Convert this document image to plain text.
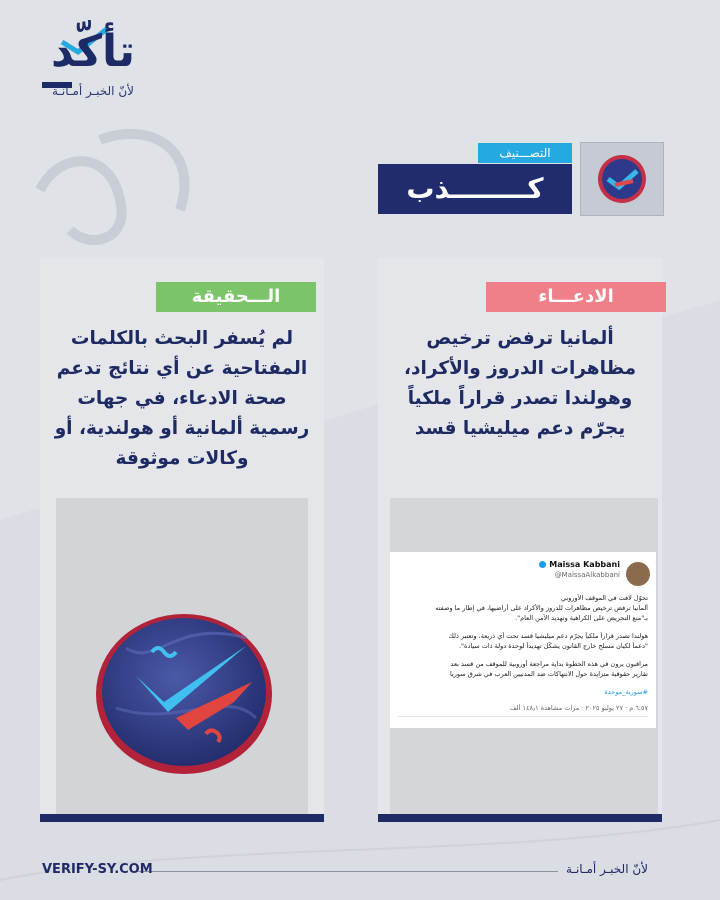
تأكّد
لأنّ الخبـر أمـانـة
التصـــنيف
كــــــــذب
الـــحقيقة
لم يُسفر البحث بالكلمات المفتاحية عن أي نتائج تدعم صحة الادعاء، في جهات رسمية ألمانية أو هولندية، أو وكالات موثوقة
الادعـــاء
ألمانيا ترفض ترخيص مظاهرات الدروز والأكراد، وهولندا تصدر قراراً ملكياً يجرّم دعم ميليشيا قسد
Maissa Kabbani
@MaissaAlkabbani
تحوّل لافت في الموقف الأوروبي
ألمانيا ترفض ترخيص مظاهرات للدروز والأكراد على أراضيها، في إطار ما وصفته
بـ"منع التحريض على الكراهية وتهديد الأمن العام".
هولندا تصدر قراراً ملكياً يجرّم دعم ميليشيا قسد تحت أي ذريعة، وتعتبر ذلك
"دعماً لكيان مسلح خارج القانون يشكّل تهديداً لوحدة دولة ذات سيادة".
مراقبون يرون في هذه الخطوة بداية مراجعة أوروبية للموقف من قسد بعد
تقارير حقوقية متزايدة حول الانتهاكات ضد المدنيين العرب في شرق سوريا
#سورية_موحدة
٦:٥٧ م · ٢٧ يوليو ٢٠٢٥ · مرات مشاهدة ١٤٨٫١ ألف
VERIFY-SY.COM	لأنّ الخبـر أمـانـة
